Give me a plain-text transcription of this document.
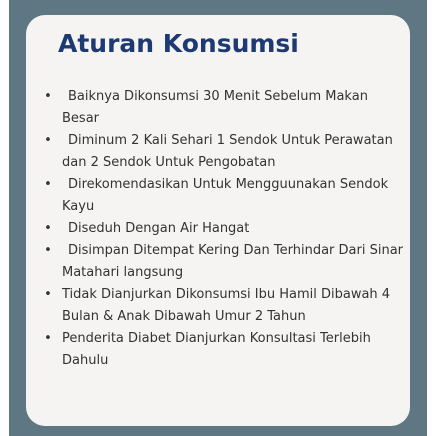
Aturan Konsumsi
•	Baiknya Dikonsumsi 30 Menit Sebelum Makan Besar
•	Diminum 2 Kali Sehari 1 Sendok Untuk Perawatan dan 2 Sendok Untuk Pengobatan
•	Direkomendasikan Untuk Mengguunakan Sendok Kayu
•	Diseduh Dengan Air Hangat
•	Disimpan Ditempat Kering Dan Terhindar Dari Sinar Matahari langsung
• Tidak Dianjurkan Dikonsumsi Ibu Hamil Dibawah 4 Bulan & Anak Dibawah Umur 2 Tahun
• Penderita Diabet Dianjurkan Konsultasi Terlebih Dahulu
